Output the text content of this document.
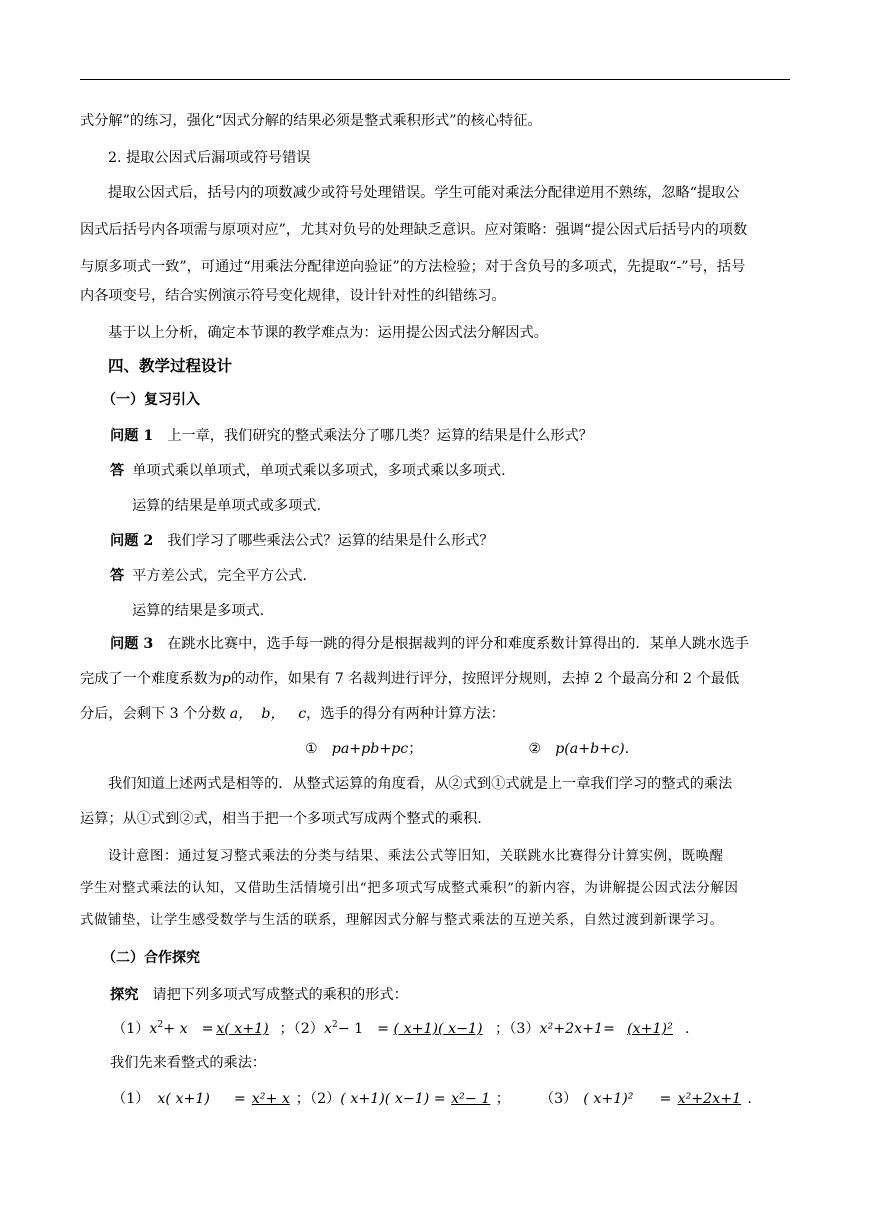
式分解”的练习，强化“因式分解的结果必须是整式乘积形式”的核心特征。
2. 提取公因式后漏项或符号错误
提取公因式后，括号内的项数减少或符号处理错误。学生可能对乘法分配律逆用不熟练，忽略“提取公
因式后括号内各项需与原项对应”，尤其对负号的处理缺乏意识。应对策略：强调“提公因式后括号内的项数
与原多项式一致”，可通过“用乘法分配律逆向验证”的方法检验；对于含负号的多项式，先提取“-”号，括号
内各项变号，结合实例演示符号变化规律，设计针对性的纠错练习。
基于以上分析，确定本节课的教学难点为：运用提公因式法分解因式。
四、教学过程设计
（一）复习引入
问题 1 上一章，我们研究的整式乘法分了哪几类？运算的结果是什么形式？
答 单项式乘以单项式，单项式乘以多项式，多项式乘以多项式.
运算的结果是单项式或多项式.
问题 2 我们学习了哪些乘法公式？运算的结果是什么形式？
答 平方差公式，完全平方公式.
运算的结果是多项式.
问题 3 在跳水比赛中，选手每一跳的得分是根据裁判的评分和难度系数计算得出的．某单人跳水选手
完成了一个难度系数为p的动作，如果有 7 名裁判进行评分，按照评分规则，去掉 2 个最高分和 2 个最低
分后，会剩下 3 个分数 a，  b，   c，选手的得分有两种计算方法：
① pa+pb+pc；	② p(a+b+c).
我们知道上述两式是相等的．从整式运算的角度看，从②式到①式就是上一章我们学习的整式的乘法
运算；从①式到②式，相当于把一个多项式写成两个整式的乘积.
设计意图：通过复习整式乘法的分类与结果、乘法公式等旧知，关联跳水比赛得分计算实例，既唤醒
学生对整式乘法的认知，又借助生活情境引出“把多项式写成整式乘积”的新内容，为讲解提公因式法分解因
式做铺垫，让学生感受数学与生活的联系，理解因式分解与整式乘法的互逆关系，自然过渡到新课学习。
（二）合作探究
探究 请把下列多项式写成整式的乘积的形式：
$(1)x^2+ x = x$( x+1) ；$(2)x^2- 1$ = ( x+1)( x−1) ；（3）x²+2x+1= (x+1)² .
我们先来看整式的乘法：
（1） x( x+1) = x²+ x ；（2）( x+1)( x−1) = x²− 1 ； （3） ( x+1)² = x²+2x+1 .
